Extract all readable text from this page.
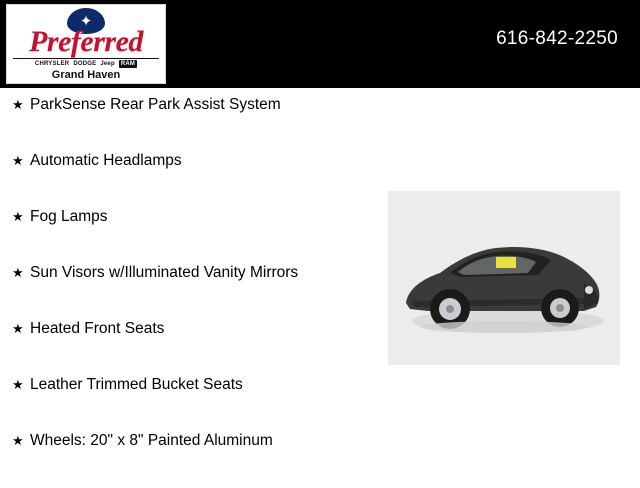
✦
Preferred
CHRYSLER DODGE Jeep	RAM
Grand Haven
616-842-2250
★ ParkSense Rear Park Assist System
★ Automatic Headlamps
★ Fog Lamps
★ Sun Visors w/Illuminated Vanity Mirrors
★ Heated Front Seats
★ Leather Trimmed Bucket Seats
★ Wheels: 20" x 8" Painted Aluminum
